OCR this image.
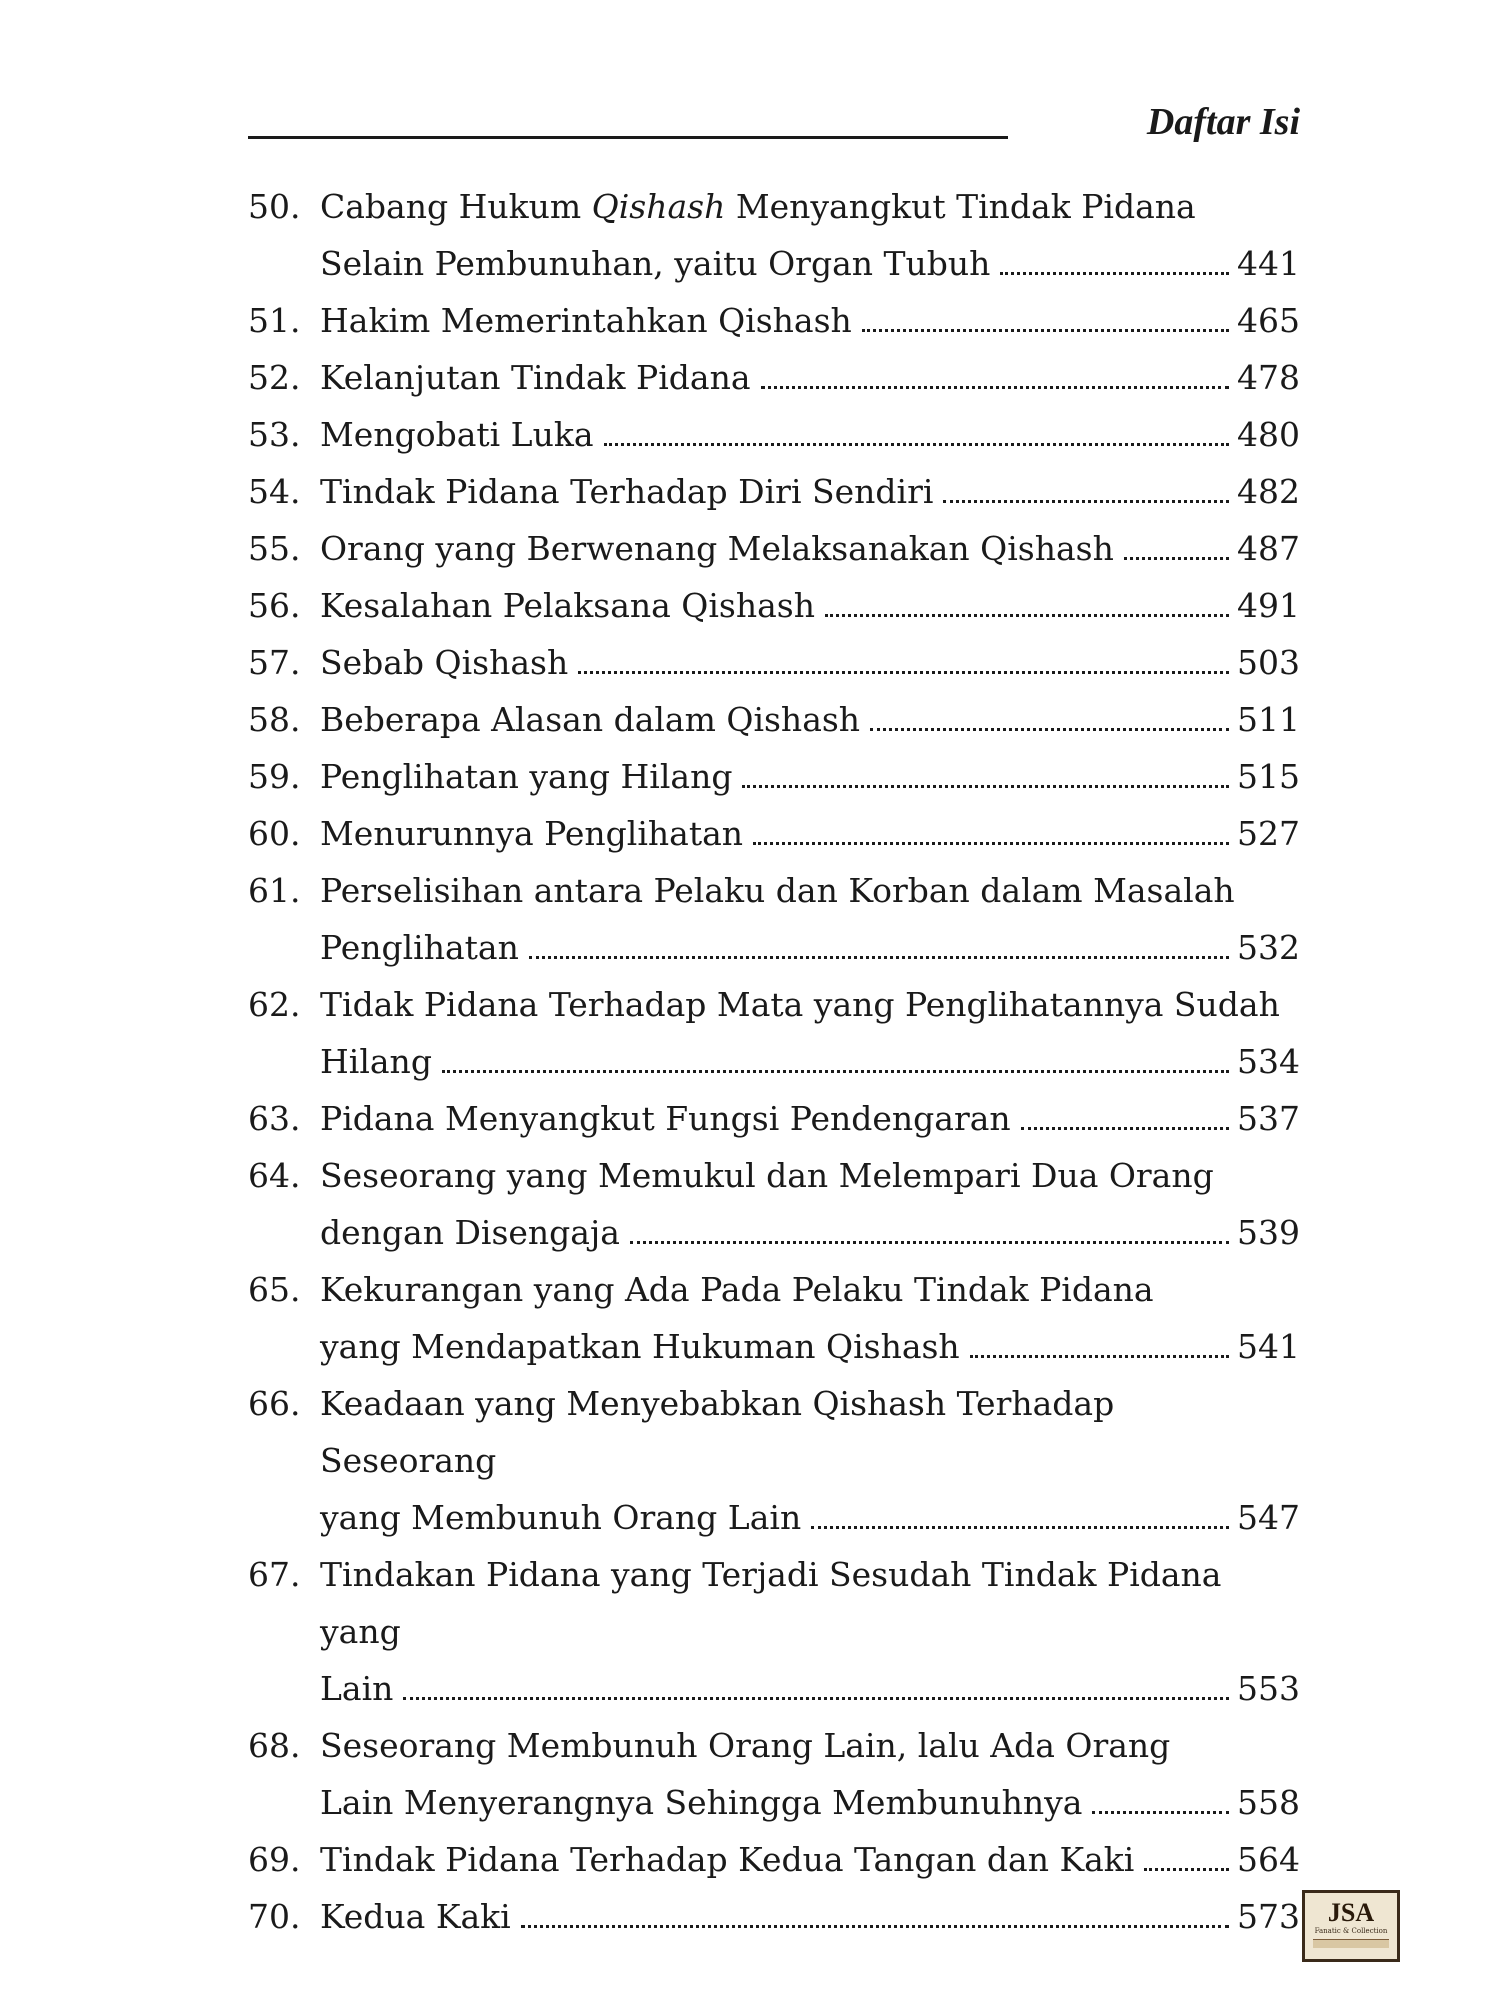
Daftar Isi
50. Cabang Hukum Qishash Menyangkut Tindak Pidana
Selain Pembunuhan, yaitu Organ Tubuh	441
51. Hakim Memerintahkan Qishash	465
52. Kelanjutan Tindak Pidana	478
53. Mengobati Luka	480
54. Tindak Pidana Terhadap Diri Sendiri	482
55. Orang yang Berwenang Melaksanakan Qishash	487
56. Kesalahan Pelaksana Qishash	491
57. Sebab Qishash	503
58. Beberapa Alasan dalam Qishash	511
59. Penglihatan yang Hilang	515
60. Menurunnya Penglihatan	527
61. Perselisihan antara Pelaku dan Korban dalam Masalah
Penglihatan	532
62. Tidak Pidana Terhadap Mata yang Penglihatannya Sudah
Hilang	534
63. Pidana Menyangkut Fungsi Pendengaran	537
64. Seseorang yang Memukul dan Melempari Dua Orang
dengan Disengaja	539
65. Kekurangan yang Ada Pada Pelaku Tindak Pidana
yang Mendapatkan Hukuman Qishash	541
66. Keadaan yang Menyebabkan Qishash Terhadap Seseorang
yang Membunuh Orang Lain	547
67. Tindakan Pidana yang Terjadi Sesudah Tindak Pidana yang
Lain	553
68. Seseorang Membunuh Orang Lain, lalu Ada Orang
Lain Menyerangnya Sehingga Membunuhnya	558
69. Tindak Pidana Terhadap Kedua Tangan dan Kaki	564
70. Kedua Kaki	573	JSA
Fanatic & Collection
